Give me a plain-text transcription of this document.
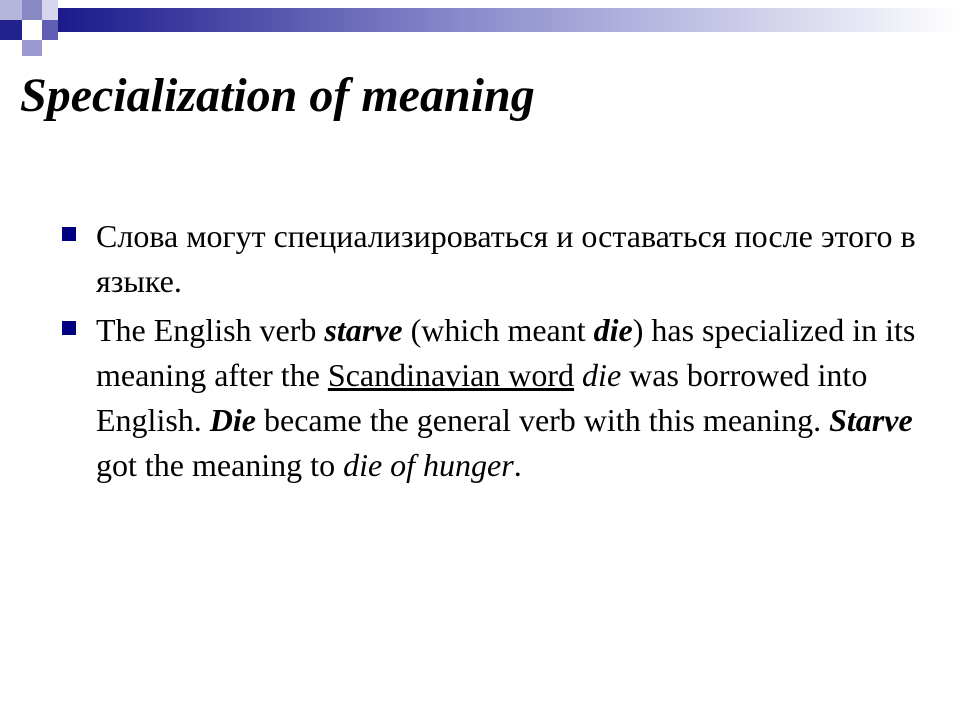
Specialization of meaning
Слова могут специализироваться и оставаться после этого в языке.
The English verb starve (which meant die) has specialized in its meaning after the Scandinavian word die was borrowed into English. Die became the general verb with this meaning. Starve got the meaning to die of hunger.
